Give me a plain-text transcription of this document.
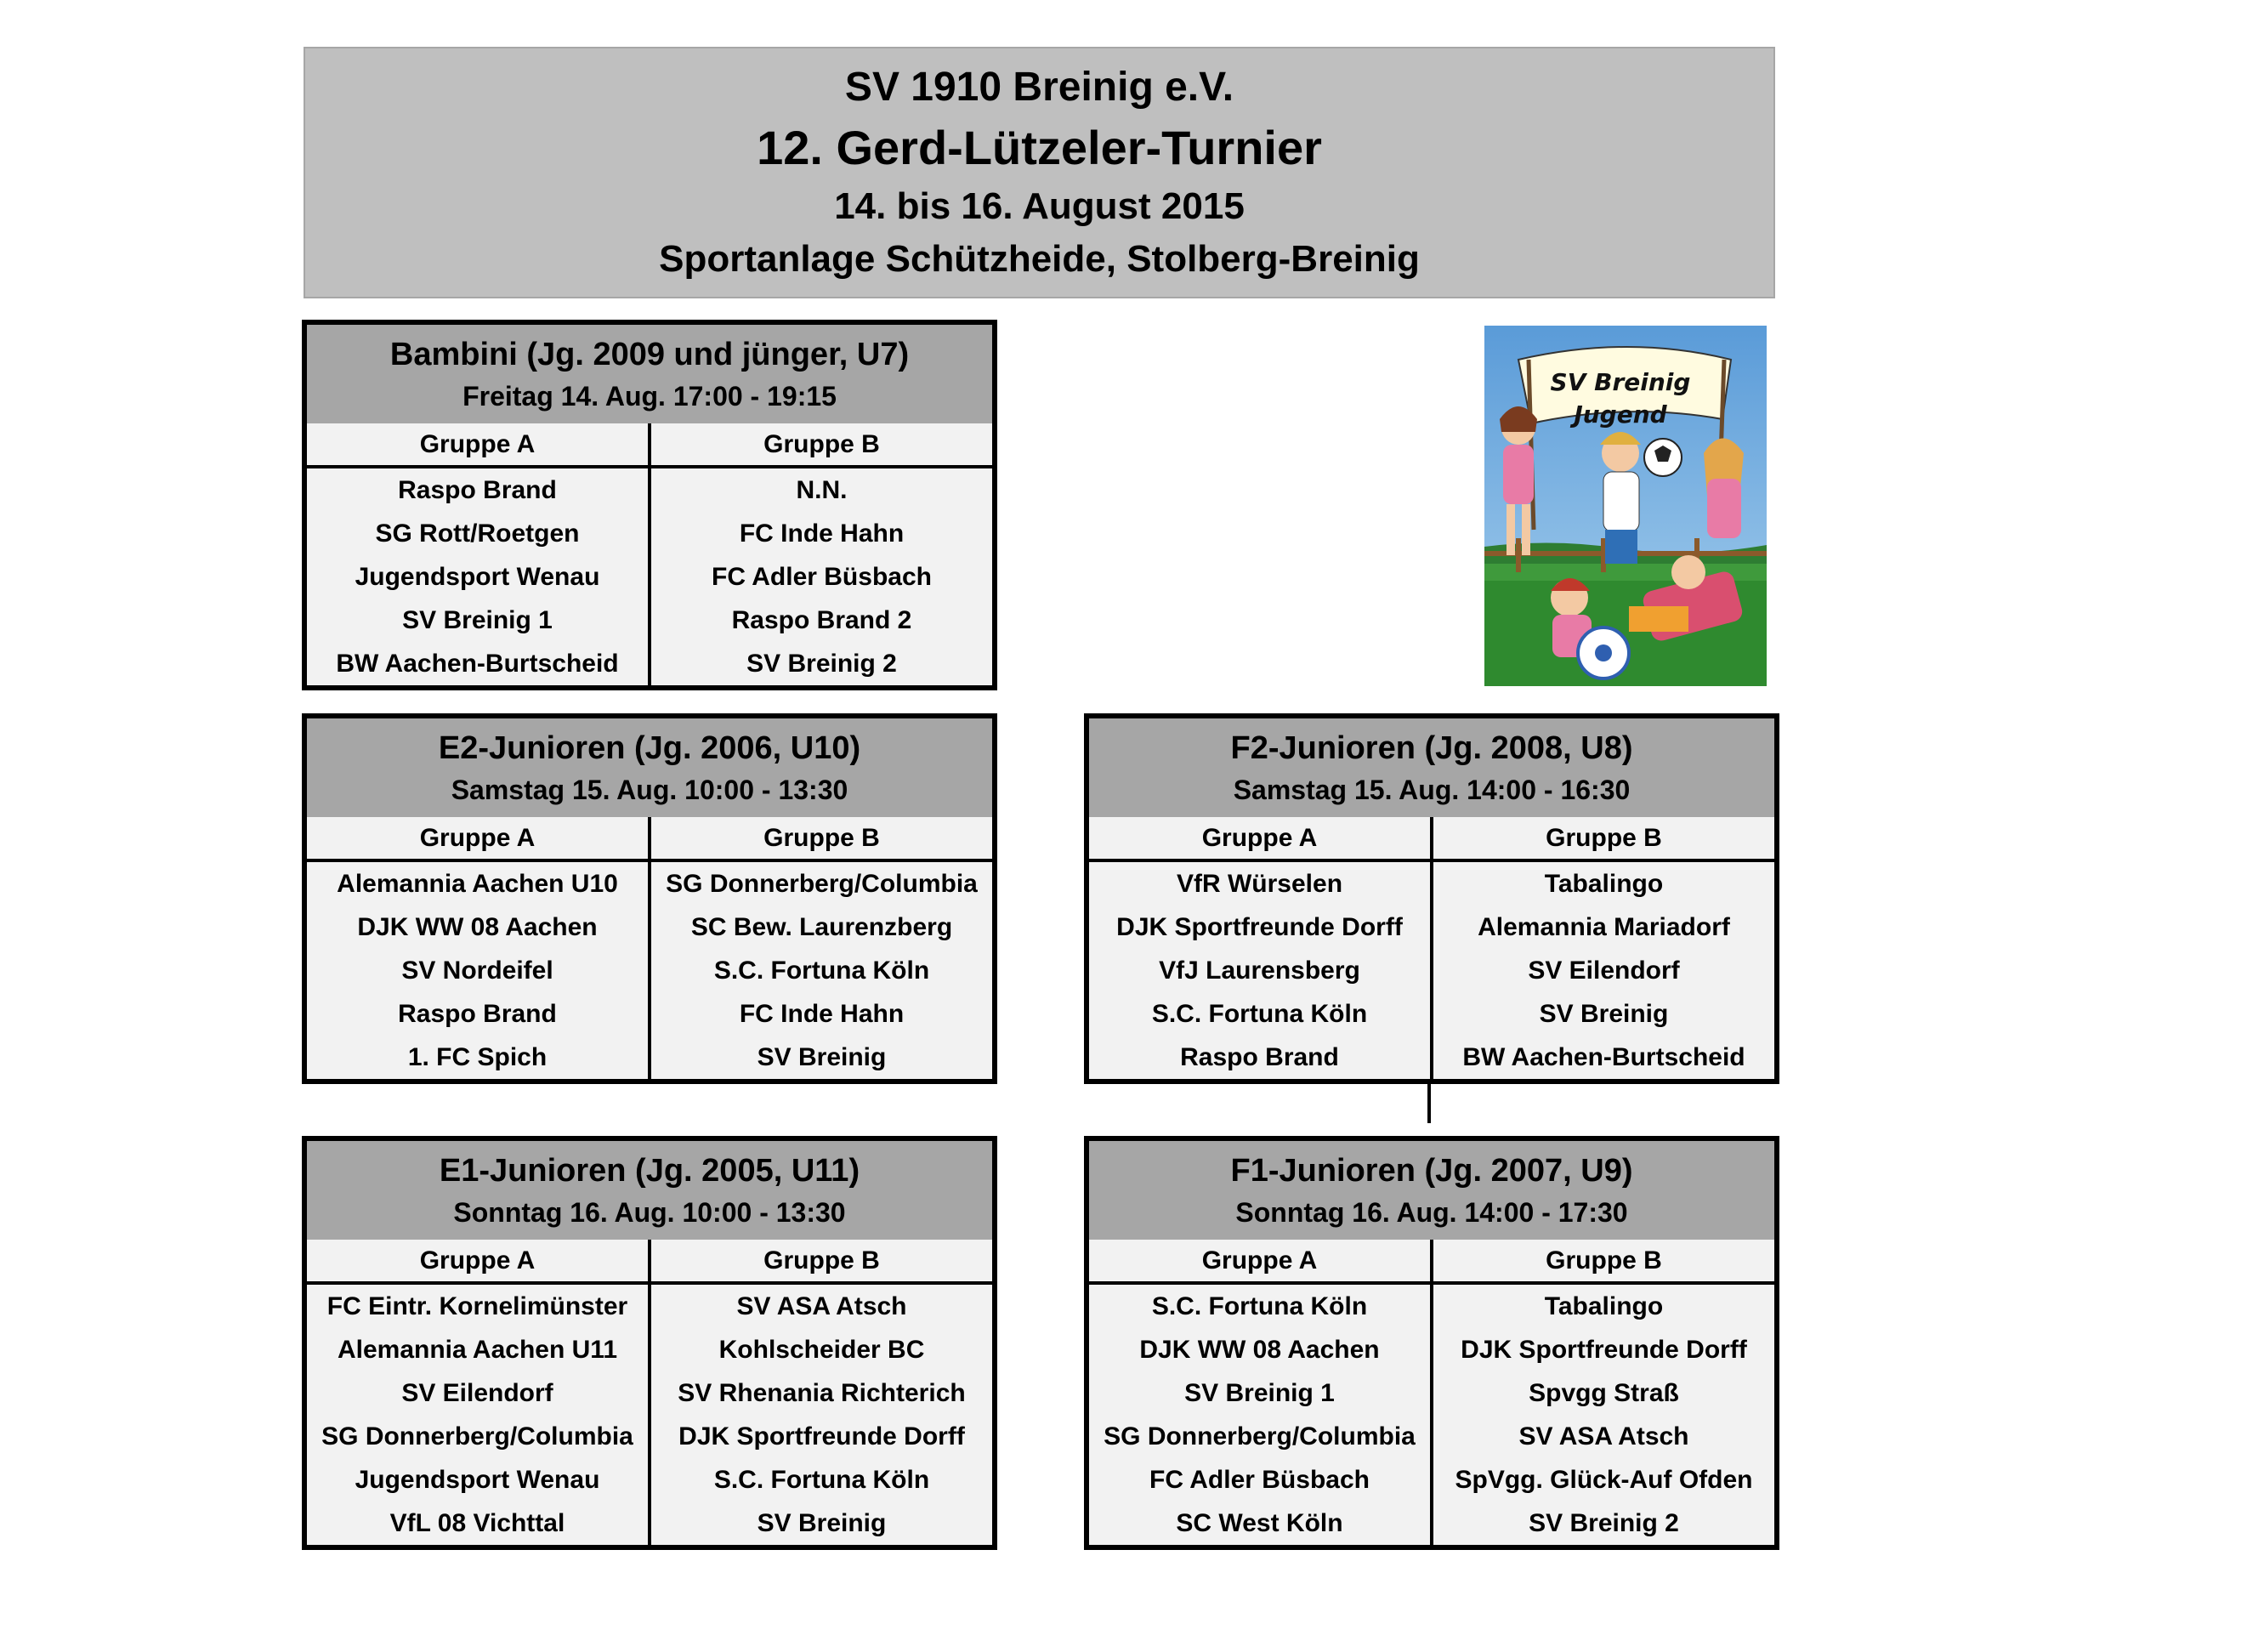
SV 1910 Breinig e.V.
12. Gerd-Lützeler-Turnier
14. bis 16. August 2015
Sportanlage Schützheide, Stolberg-Breinig
SV Breinig
Jugend
Bambini (Jg. 2009 und jünger, U7)
Freitag 14. Aug. 17:00 - 19:15
Gruppe A	Gruppe B
Raspo Brand	N.N.
SG Rott/Roetgen	FC Inde Hahn
Jugendsport Wenau	FC Adler Büsbach
SV Breinig 1	Raspo Brand 2
BW Aachen-Burtscheid	SV Breinig 2
E2-Junioren (Jg. 2006, U10)
Samstag 15. Aug. 10:00 - 13:30
Gruppe A	Gruppe B
Alemannia Aachen U10	SG Donnerberg/Columbia
DJK WW 08 Aachen	SC Bew. Laurenzberg
SV Nordeifel	S.C. Fortuna Köln
Raspo Brand	FC Inde Hahn
1. FC Spich	SV Breinig
F2-Junioren (Jg. 2008, U8)
Samstag 15. Aug. 14:00 - 16:30
Gruppe A	Gruppe B
VfR Würselen	Tabalingo
DJK Sportfreunde Dorff	Alemannia Mariadorf
VfJ Laurensberg	SV Eilendorf
S.C. Fortuna Köln	SV Breinig
Raspo Brand	BW Aachen-Burtscheid
E1-Junioren (Jg. 2005, U11)
Sonntag 16. Aug. 10:00 - 13:30
Gruppe A	Gruppe B
FC Eintr. Kornelimünster	SV ASA Atsch
Alemannia Aachen U11	Kohlscheider BC
SV Eilendorf	SV Rhenania Richterich
SG Donnerberg/Columbia	DJK Sportfreunde Dorff
Jugendsport Wenau	S.C. Fortuna Köln
VfL 08 Vichttal	SV Breinig
F1-Junioren (Jg. 2007, U9)
Sonntag 16. Aug. 14:00 - 17:30
Gruppe A	Gruppe B
S.C. Fortuna Köln	Tabalingo
DJK WW 08 Aachen	DJK Sportfreunde Dorff
SV Breinig 1	Spvgg Straß
SG Donnerberg/Columbia	SV ASA Atsch
FC Adler Büsbach	SpVgg. Glück-Auf Ofden
SC West Köln	SV Breinig 2
